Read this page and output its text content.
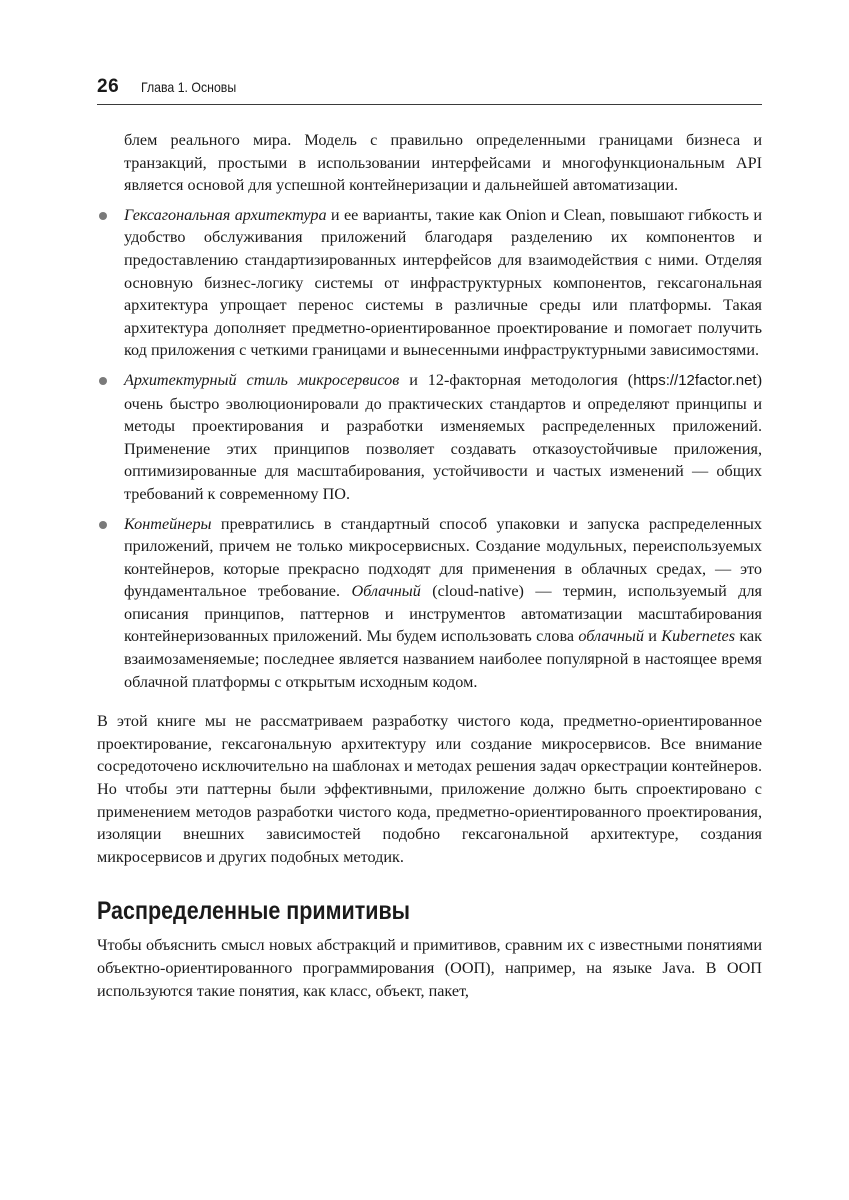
26 Глава 1. Основы

блем реального мира. Модель с правильно определенными границами бизнеса и транзакций, простыми в использовании интерфейсами и многофункциональным API является основой для успешной контейнеризации и дальнейшей автоматизации.

Гексагональная архитектура и ее варианты, такие как Onion и Clean, повышают гибкость и удобство обслуживания приложений благодаря разделению их компонентов и предоставлению стандартизированных интерфейсов для взаимодействия с ними. Отделяя основную бизнес-логику системы от инфраструктурных компонентов, гексагональная архитектура упрощает перенос системы в различные среды или платформы. Такая архитектура дополняет предметно-ориентированное проектирование и помогает получить код приложения с четкими границами и вынесенными инфраструктурными зависимостями.
Архитектурный стиль микросервисов и 12-факторная методология (https://12factor.net) очень быстро эволюционировали до практических стандартов и определяют принципы и методы проектирования и разработки изменяемых распределенных приложений. Применение этих принципов позволяет создавать отказоустойчивые приложения, оптимизированные для масштабирования, устойчивости и частых изменений — общих требований к современному ПО.
Контейнеры превратились в стандартный способ упаковки и запуска распределенных приложений, причем не только микросервисных. Создание модульных, переиспользуемых контейнеров, которые прекрасно подходят для применения в облачных средах, — это фундаментальное требование. Облачный (cloud-native) — термин, используемый для описания принципов, паттернов и инструментов автоматизации масштабирования контейнеризованных приложений. Мы будем использовать слова облачный и Kubernetes как взаимозаменяемые; последнее является названием наиболее популярной в настоящее время облачной платформы с открытым исходным кодом.

В этой книге мы не рассматриваем разработку чистого кода, предметно-ориентированное проектирование, гексагональную архитектуру или создание микросервисов. Все внимание сосредоточено исключительно на шаблонах и методах решения задач оркестрации контейнеров. Но чтобы эти паттерны были эффективными, приложение должно быть спроектировано с применением методов разработки чистого кода, предметно-ориентированного проектирования, изоляции внешних зависимостей подобно гексагональной архитектуре, создания микросервисов и других подобных методик.

Распределенные примитивы

Чтобы объяснить смысл новых абстракций и примитивов, сравним их с известными понятиями объектно-ориентированного программирования (ООП), например, на языке Java. В ООП используются такие понятия, как класс, объект, пакет,
